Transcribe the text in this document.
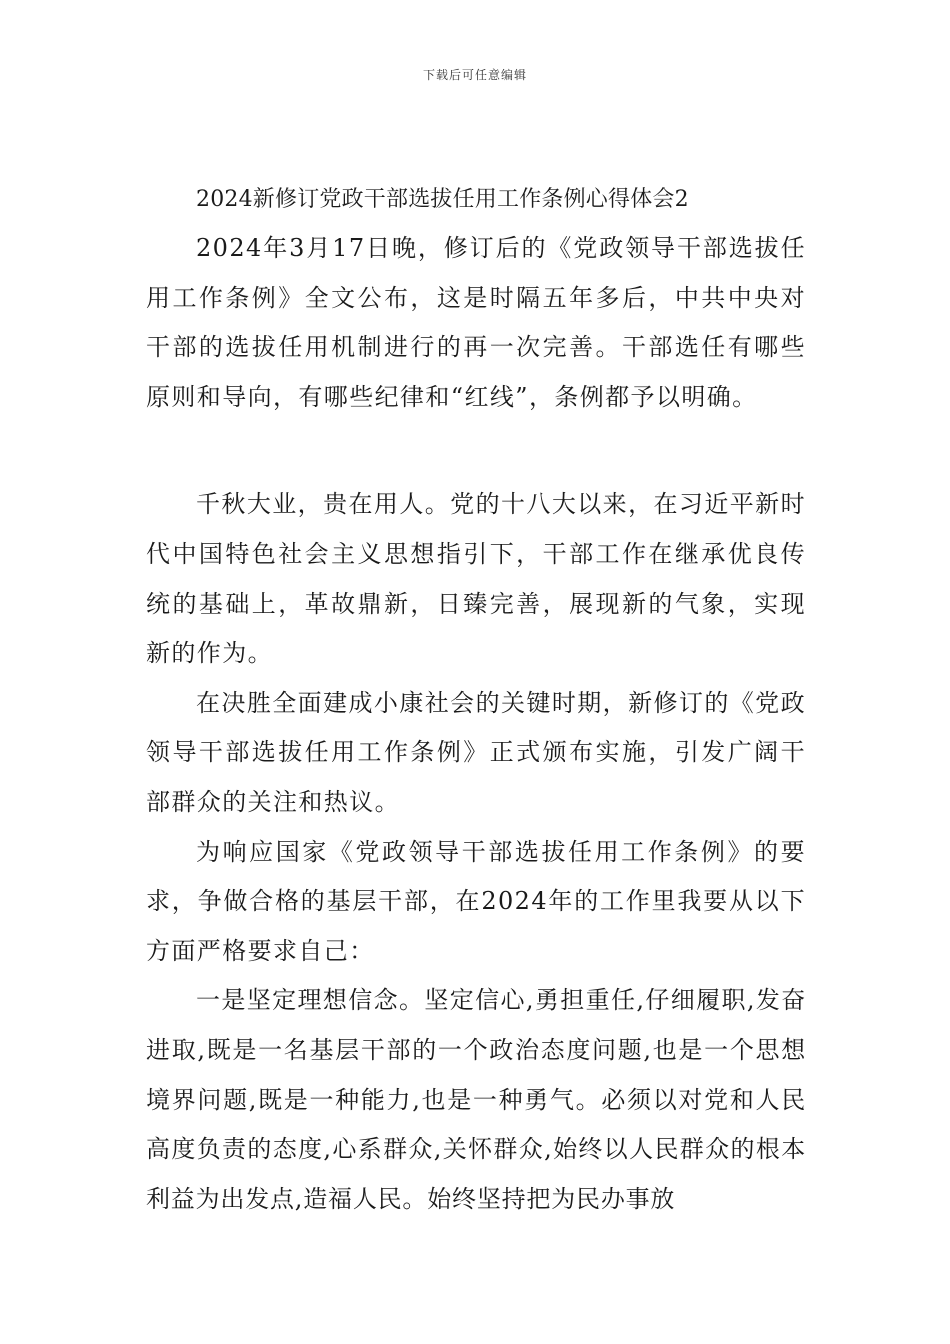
下载后可任意编辑
2024新修订党政干部选拔任用工作条例心得体会2

2024年3月17日晚，修订后的《党政领导干部选拔任用工作条例》全文公布，这是时隔五年多后，中共中央对干部的选拔任用机制进行的再一次完善。干部选任有哪些原则和导向，有哪些纪律和“红线”，条例都予以明确。

千秋大业，贵在用人。党的十八大以来，在习近平新时代中国特色社会主义思想指引下，干部工作在继承优良传统的基础上，革故鼎新，日臻完善，展现新的气象，实现新的作为。

在决胜全面建成小康社会的关键时期，新修订的《党政领导干部选拔任用工作条例》正式颁布实施，引发广阔干部群众的关注和热议。

为响应国家《党政领导干部选拔任用工作条例》的要求，争做合格的基层干部，在2024年的工作里我要从以下方面严格要求自己：

一是坚定理想信念。坚定信心,勇担重任,仔细履职,发奋进取,既是一名基层干部的一个政治态度问题,也是一个思想境界问题,既是一种能力,也是一种勇气。必须以对党和人民高度负责的态度,心系群众,关怀群众,始终以人民群众的根本利益为出发点,造福人民。始终坚持把为民办事放
